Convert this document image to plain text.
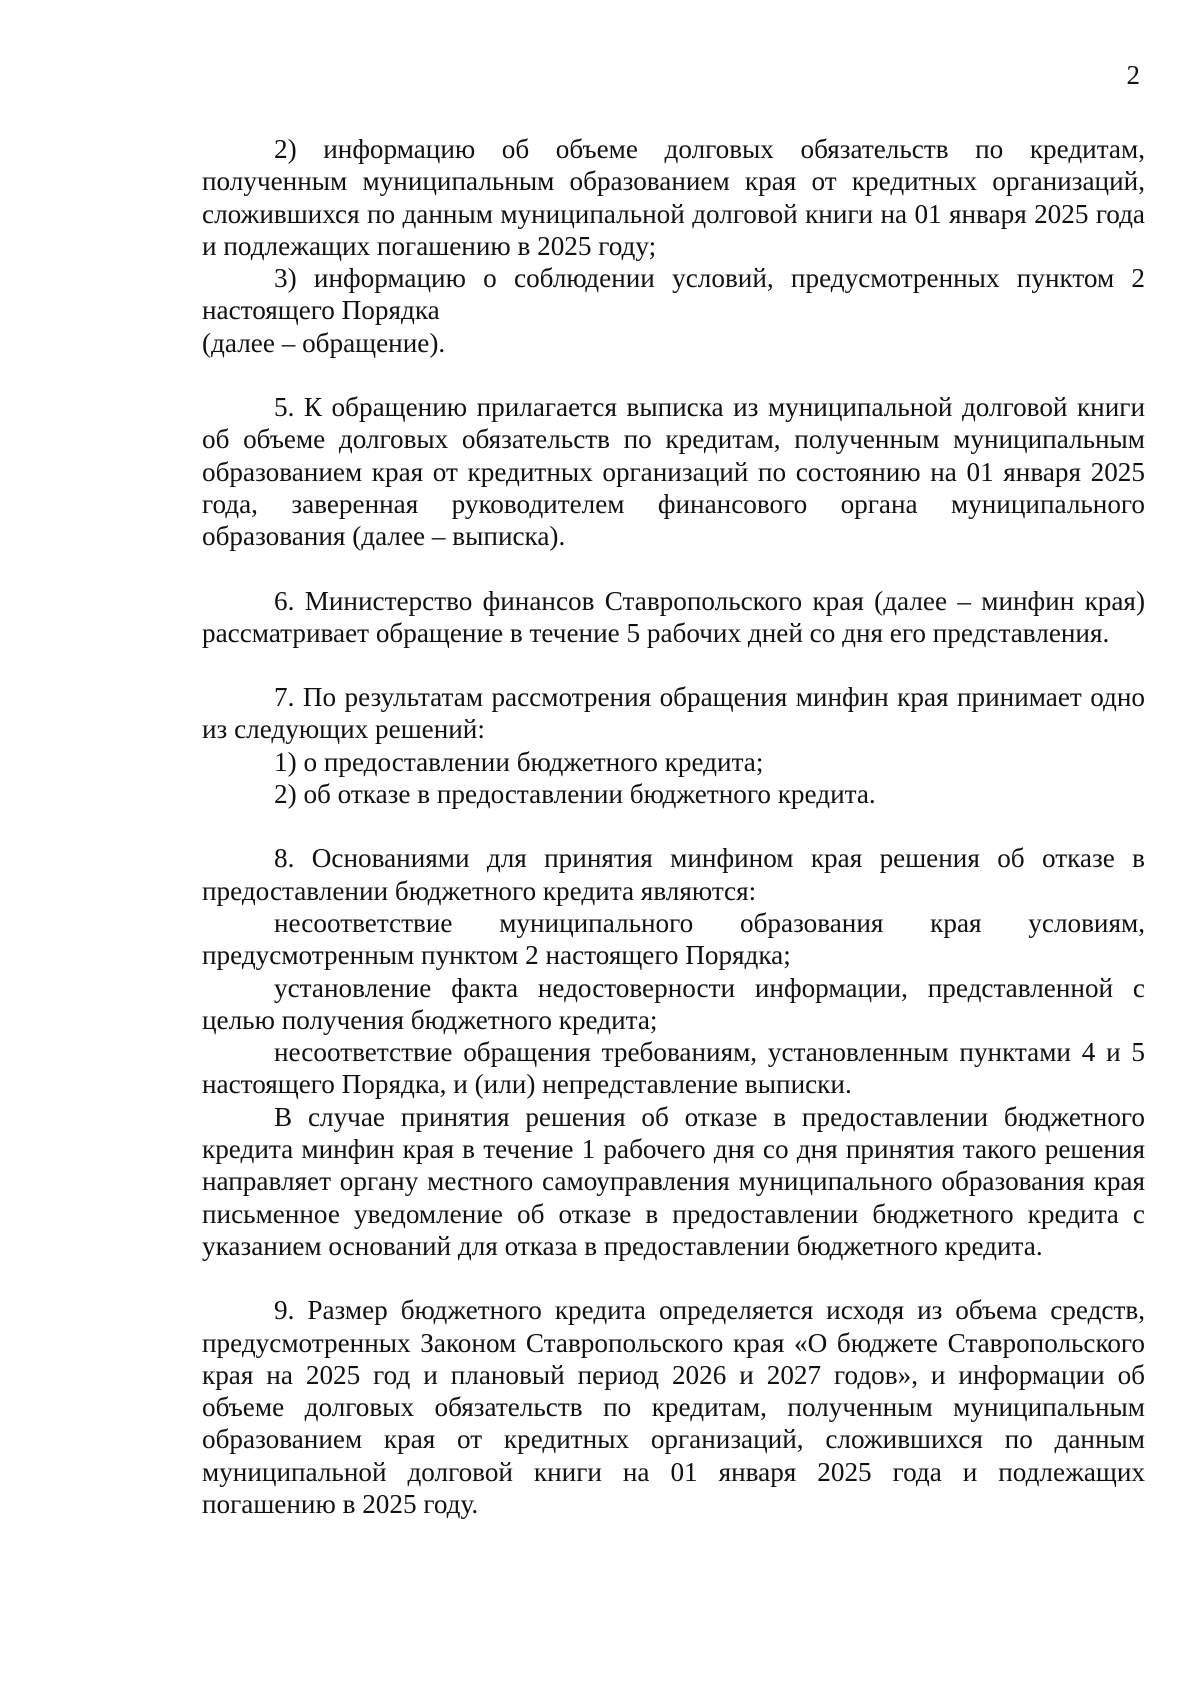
2

2) информацию об объеме долговых обязательств по кредитам, полученным муниципальным образованием края от кредитных организаций, сложившихся по данным муниципальной долговой книги на 01 января 2025 года и подлежащих погашению в 2025 году;

3) информацию о соблюдении условий, предусмотренных пунктом 2 настоящего Порядка

(далее – обращение).

5. К обращению прилагается выписка из муниципальной долговой книги об объеме долговых обязательств по кредитам, полученным муниципальным образованием края от кредитных организаций по состоянию на 01 января 2025 года, заверенная руководителем финансового органа муниципального образования (далее – выписка).

6. Министерство финансов Ставропольского края (далее – минфин края) рассматривает обращение в течение 5 рабочих дней со дня его представления.

7. По результатам рассмотрения обращения минфин края принимает одно из следующих решений:

1) о предоставлении бюджетного кредита;

2) об отказе в предоставлении бюджетного кредита.

8. Основаниями для принятия минфином края решения об отказе в предоставлении бюджетного кредита являются:

несоответствие муниципального образования края условиям, предусмотренным пунктом 2 настоящего Порядка;

установление факта недостоверности информации, представленной с целью получения бюджетного кредита;

несоответствие обращения требованиям, установленным пунктами 4 и 5 настоящего Порядка, и (или) непредставление выписки.

В случае принятия решения об отказе в предоставлении бюджетного кредита минфин края в течение 1 рабочего дня со дня принятия такого решения направляет органу местного самоуправления муниципального образования края письменное уведомление об отказе в предоставлении бюджетного кредита с указанием оснований для отказа в предоставлении бюджетного кредита.

9. Размер бюджетного кредита определяется исходя из объема средств, предусмотренных Законом Ставропольского края «О бюджете Ставропольского края на 2025 год и плановый период 2026 и 2027 годов», и информации об объеме долговых обязательств по кредитам, полученным муниципальным образованием края от кредитных организаций, сложившихся по данным муниципальной долговой книги на 01 января 2025 года и подлежащих погашению в 2025 году.
